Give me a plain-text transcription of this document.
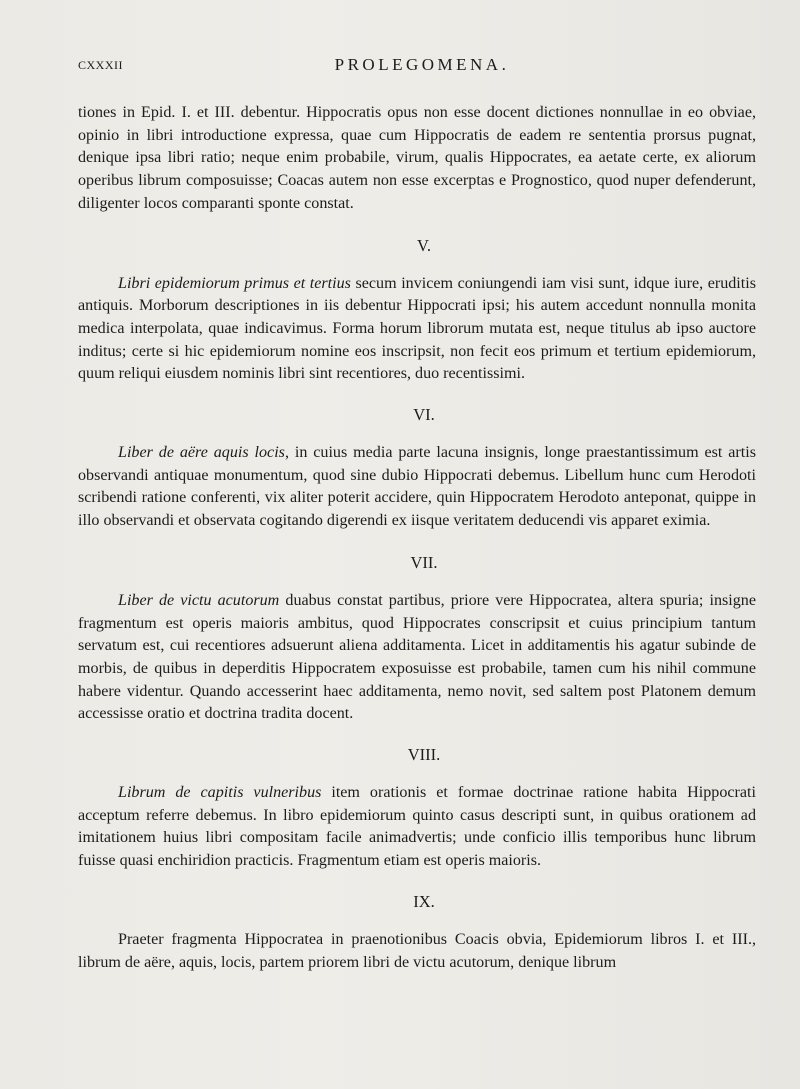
CXXXII	PROLEGOMENA.

tiones in Epid. I. et III. debentur. Hippocratis opus non esse docent dictiones nonnullae in eo obviae, opinio in libri introductione expressa, quae cum Hippocratis de eadem re sententia prorsus pugnat, denique ipsa libri ratio; neque enim probabile, virum, qualis Hippocrates, ea aetate certe, ex aliorum operibus librum composuisse; Coacas autem non esse excerptas e Prognostico, quod nuper defenderunt, diligenter locos comparanti sponte constat.

V.

Libri epidemiorum primus et tertius secum invicem coniungendi iam visi sunt, idque iure, eruditis antiquis. Morborum descriptiones in iis debentur Hippocrati ipsi; his autem accedunt nonnulla monita medica interpolata, quae indicavimus. Forma horum librorum mutata est, neque titulus ab ipso auctore inditus; certe si hic epidemiorum nomine eos inscripsit, non fecit eos primum et tertium epidemiorum, quum reliqui eiusdem nominis libri sint recentiores, duo recentissimi.

VI.

Liber de aëre aquis locis, in cuius media parte lacuna insignis, longe praestantissimum est artis observandi antiquae monumentum, quod sine dubio Hippocrati debemus. Libellum hunc cum Herodoti scribendi ratione conferenti, vix aliter poterit accidere, quin Hippocratem Herodoto anteponat, quippe in illo observandi et observata cogitando digerendi ex iisque veritatem deducendi vis apparet eximia.

VII.

Liber de victu acutorum duabus constat partibus, priore vere Hippocratea, altera spuria; insigne fragmentum est operis maioris ambitus, quod Hippocrates conscripsit et cuius principium tantum servatum est, cui recentiores adsuerunt aliena additamenta. Licet in additamentis his agatur subinde de morbis, de quibus in deperditis Hippocratem exposuisse est probabile, tamen cum his nihil commune habere videntur. Quando accesserint haec additamenta, nemo novit, sed saltem post Platonem demum accessisse oratio et doctrina tradita docent.

VIII.

Librum de capitis vulneribus item orationis et formae doctrinae ratione habita Hippocrati acceptum referre debemus. In libro epidemiorum quinto casus descripti sunt, in quibus orationem ad imitationem huius libri compositam facile animadvertis; unde conficio illis temporibus hunc librum fuisse quasi enchiridion practicis. Fragmentum etiam est operis maioris.

IX.

Praeter fragmenta Hippocratea in praenotionibus Coacis obvia, Epidemiorum libros I. et III., librum de aëre, aquis, locis, partem priorem libri de victu acutorum, denique librum
